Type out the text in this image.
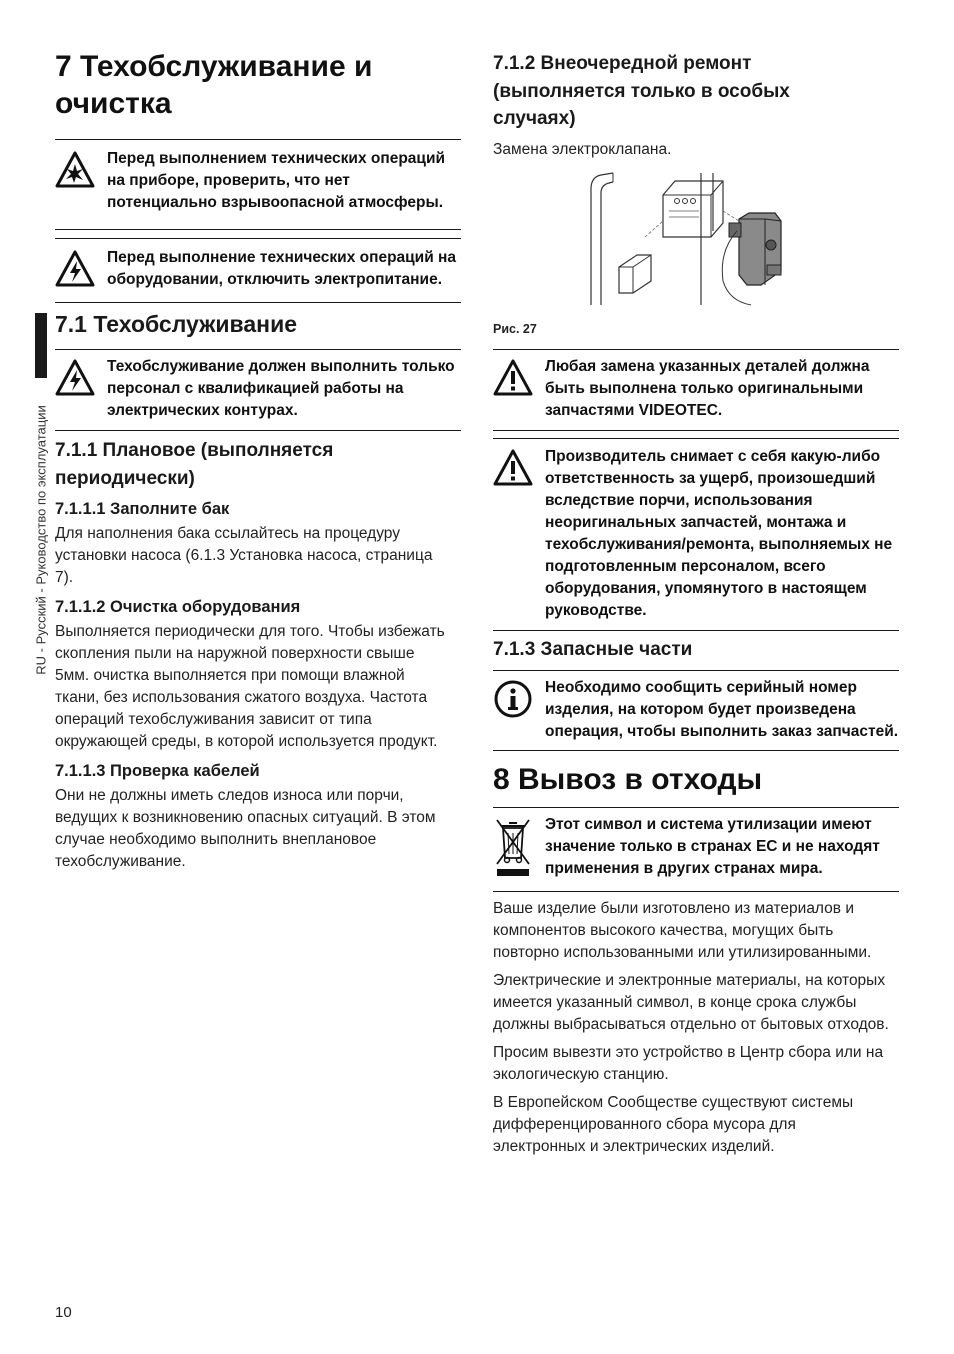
RU - Русский - Руководство по эксплуатации
7 Техобслуживание и очистка
Перед выполнением технических операций на приборе, проверить, что нет потенциально взрывоопасной атмосферы.
Перед выполнение технических операций на оборудовании, отключить электропитание.
7.1 Техобслуживание
Техобслуживание должен выполнить только персонал с квалификацией работы на электрических контурах.
7.1.1 Плановое (выполняется периодически)
7.1.1.1 Заполните бак

Для наполнения бака ссылайтесь на процедуру установки насоса (6.1.3 Установка насоса, страница 7).

7.1.1.2 Очистка оборудования

Выполняется периодически для того. Чтобы избежать скопления пыли на наружной поверхности свыше 5мм. очистка выполняется при помощи влажной ткани, без использования сжатого воздуха. Частота операций техобслуживания зависит от типа окружающей среды, в которой используется продукт.

7.1.1.3 Проверка кабелей

Они не должны иметь следов износа или порчи, ведущих к возникновению опасных ситуаций. В этом случае необходимо выполнить внеплановое техобслуживание.

7.1.2 Внеочередной ремонт (выполняется только в особых случаях)

Замена электроклапана.

Рис. 27
Любая замена указанных деталей должна быть выполнена только оригинальными запчастями VIDEOTEC.
Производитель снимает с себя какую-либо ответственность за ущерб, произошедший вследствие порчи, использования неоригинальных запчастей, монтажа и техобслуживания/ремонта, выполняемых не подготовленным персоналом, всего оборудования, упомянутого в настоящем руководстве.
7.1.3 Запасные части
Необходимо сообщить серийный номер изделия, на котором будет произведена операция, чтобы выполнить заказ запчастей.
8 Вывоз в отходы
Этот символ и система утилизации имеют значение только в странах ЕС и не находят применения в других странах мира.

Ваше изделие были изготовлено из материалов и компонентов высокого качества, могущих быть повторно использованными или утилизированными.

Электрические и электронные материалы, на которых имеется указанный символ, в конце срока службы должны выбрасываться отдельно от бытовых отходов.

Просим вывезти это устройство в Центр сбора или на экологическую станцию.

В Европейском Сообществе существуют системы дифференцированного сбора мусора для электронных и электрических изделий.

10
